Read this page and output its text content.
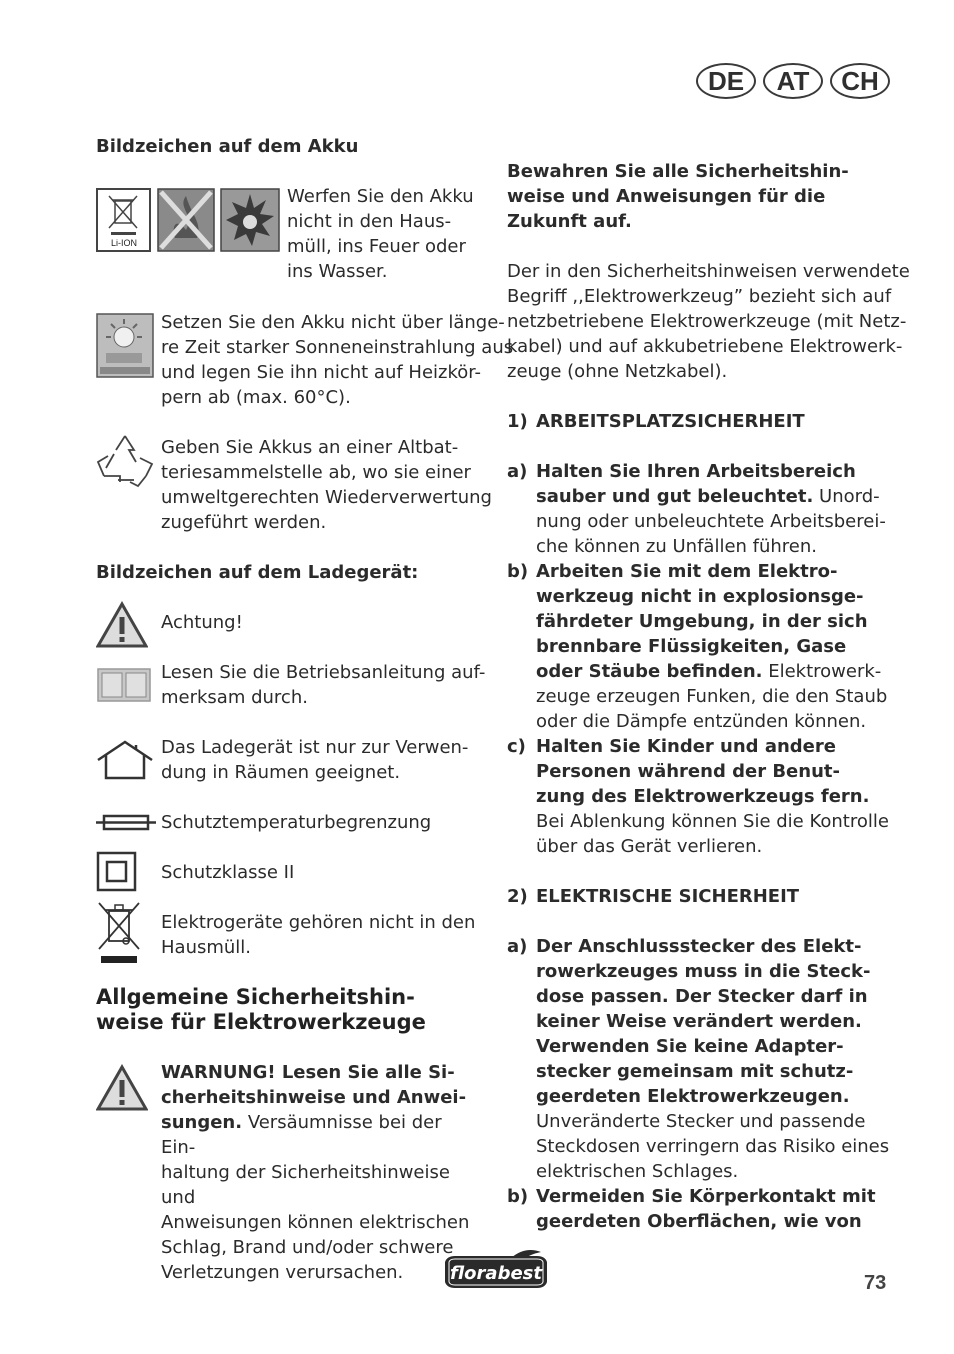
DE	AT	CH
Bildzeichen auf dem Akku
Li-ION
Werfen Sie den Akku
nicht in den Haus-
müll, ins Feuer oder
ins Wasser.
Setzen Sie den Akku nicht über länge-
re Zeit starker Sonneneinstrahlung aus
und legen Sie ihn nicht auf Heizkör-
pern ab (max. 60°C).
Geben Sie Akkus an einer Altbat-
teriesammelstelle ab, wo sie einer
umweltgerechten Wiederverwertung
zugeführt werden.
Bildzeichen auf dem Ladegerät:
Achtung!
Lesen Sie die Betriebsanleitung auf-
merksam durch.
Das Ladegerät ist nur zur Verwen-
dung in Räumen geeignet.
Schutztemperaturbegrenzung
Schutzklasse II
Elektrogeräte gehören nicht in den
Hausmüll.
Allgemeine Sicherheitshin-
weise für Elektrowerkzeuge
WARNUNG! Lesen Sie alle Si-
cherheitshinweise und Anwei-
sungen. Versäumnisse bei der Ein-
haltung der Sicherheitshinweise und
Anweisungen können elektrischen
Schlag, Brand und/oder schwere
Verletzungen verursachen.
Bewahren Sie alle Sicherheitshin-
weise und Anweisungen für die
Zukunft auf.
Der in den Sicherheitshinweisen verwendete
Begriff ,,Elektrowerkzeug” bezieht sich auf
netzbetriebene Elektrowerkzeuge (mit Netz-
kabel) und auf akkubetriebene Elektrowerk-
zeuge (ohne Netzkabel).
1) ARBEITSPLATZSICHERHEIT
a) Halten Sie Ihren Arbeitsbereich
sauber und gut beleuchtet. Unord-
nung oder unbeleuchtete Arbeitsberei-
che können zu Unfällen führen.
b) Arbeiten Sie mit dem Elektro-
werkzeug nicht in explosionsge-
fährdeter Umgebung, in der sich
brennbare Flüssigkeiten, Gase
oder Stäube befinden. Elektrowerk-
zeuge erzeugen Funken, die den Staub
oder die Dämpfe entzünden können.
c) Halten Sie Kinder und andere
Personen während der Benut-
zung des Elektrowerkzeugs fern.
Bei Ablenkung können Sie die Kontrolle
über das Gerät verlieren.
2) ELEKTRISCHE SICHERHEIT
a) Der Anschlussstecker des Elekt-
rowerkzeuges muss in die Steck-
dose passen. Der Stecker darf in
keiner Weise verändert werden.
Verwenden Sie keine Adapter-
stecker gemeinsam mit schutz-
geerdeten Elektrowerkzeugen.
Unveränderte Stecker und passende
Steckdosen verringern das Risiko eines
elektrischen Schlages.
b) Vermeiden Sie Körperkontakt mit
geerdeten Oberflächen, wie von
florabest	73
